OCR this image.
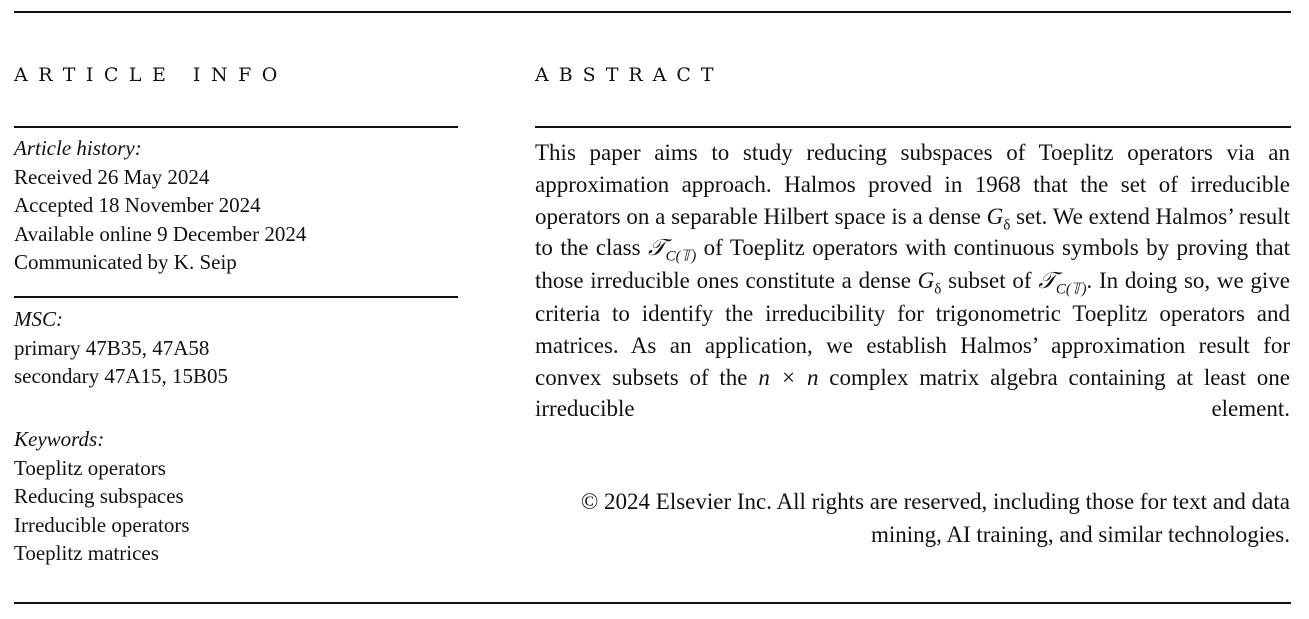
ARTICLE INFO	ABSTRACT
Article history:
Received 26 May 2024
Accepted 18 November 2024
Available online 9 December 2024
Communicated by K. Seip
MSC:
primary 47B35, 47A58
secondary 47A15, 15B05
Keywords:
Toeplitz operators
Reducing subspaces
Irreducible operators
Toeplitz matrices
This paper aims to study reducing subspaces of Toeplitz operators via an approximation approach. Halmos proved in 1968 that the set of irreducible operators on a separable Hilbert space is a dense $G_\delta$ set. We extend Halmos’ result to the class 𝒯$_{C(𝕋)}$ of Toeplitz operators with continuous symbols by proving that those irreducible ones constitute a dense $G_\delta$ subset of 𝒯$_{C(𝕋)}$. In doing so, we give criteria to identify the irreducibility for trigonometric Toeplitz operators and matrices. As an application, we establish Halmos’ approximation result for convex subsets of the n × n complex matrix algebra containing at least one irreducible element.
© 2024 Elsevier Inc. All rights are reserved, including those for text and data mining, AI training, and similar technologies.
